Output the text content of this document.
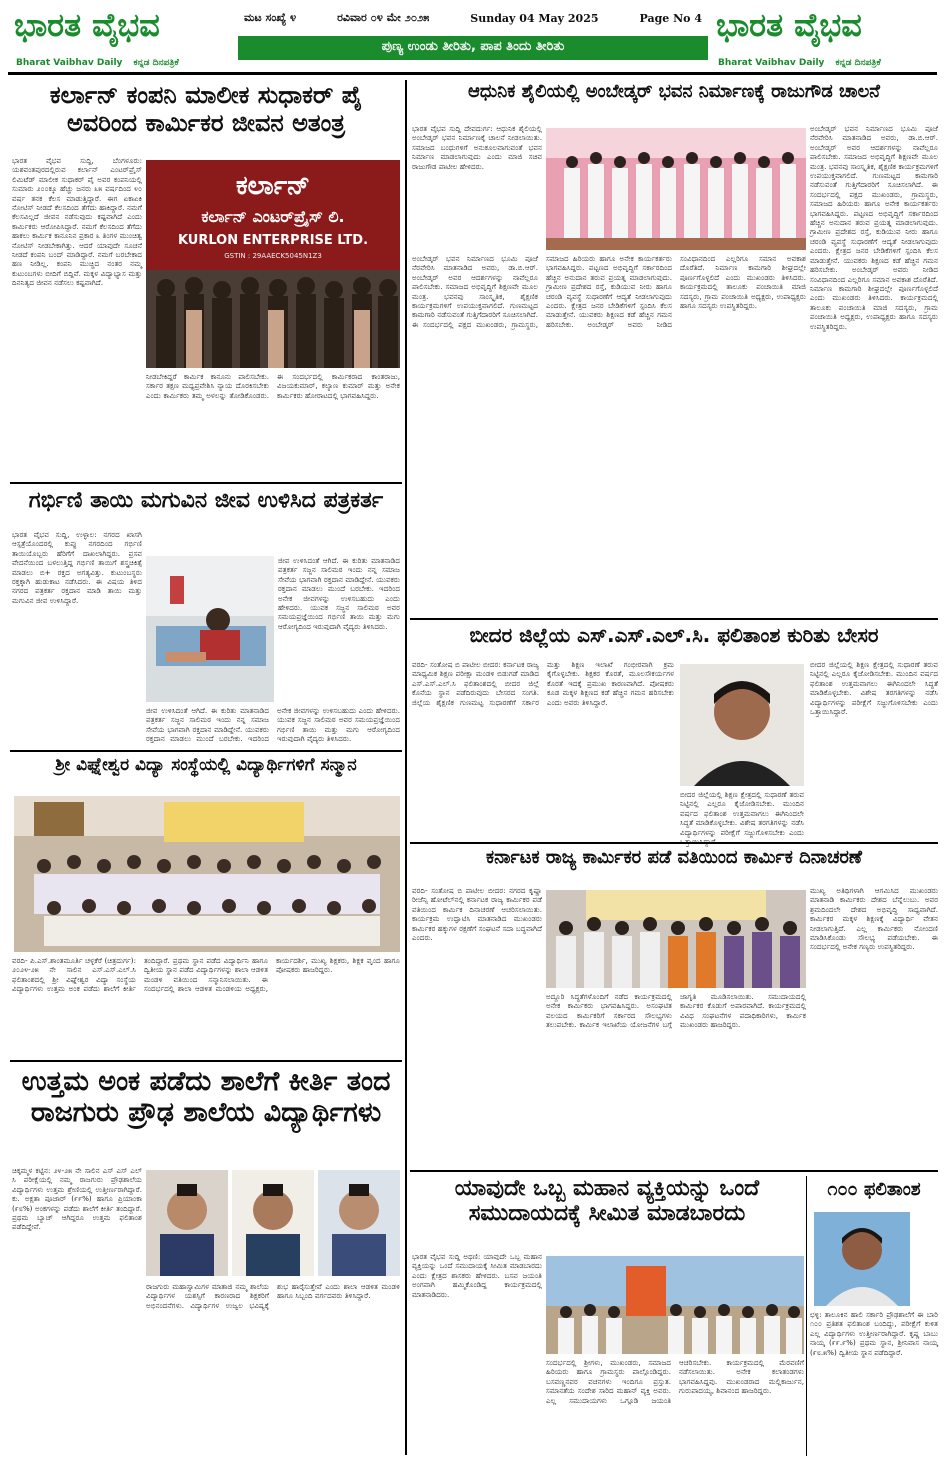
ಭಾರತ ವೈಭವ
Bharat Vaibhav Daily ಕನ್ನಡ ದಿನಪತ್ರಿಕೆ
ಮಟ ಸಂಖ್ಯೆ ೪	ರವಿವಾರ ೦೪ ಮೇ ೨೦೨೫	Sunday 04 May 2025	Page No 4
ಪುಣ್ಯ ಉಂಡು ತೀರಿತು, ಪಾಪ ತಿಂದು ತೀರಿತು
ಭಾರತ ವೈಭವ
Bharat Vaibhav Daily ಕನ್ನಡ ದಿನಪತ್ರಿಕೆ
ಕರ್ಲಾನ್ ಕಂಪನಿ ಮಾಲೀಕ ಸುಧಾಕರ್ ಪೈ ಅವರಿಂದ ಕಾರ್ಮಿಕರ ಜೀವನ ಅತಂತ್ರ
ಭಾರತ ವೈಭವ ಸುದ್ದಿ, ಬೆಂಗಳೂರು: ಯಶವಂತಪುರದಲ್ಲಿರುವ ಕರ್ಲಾನ್ ಎಂಟರ್‌ಪ್ರೈಸ್ ಲಿಮಿಟೆಡ್ ಮಾಲೀಕ ಸುಧಾಕರ್ ಪೈ ಅವರ ಕಂಪನಿಯಲ್ಲಿ ಸುಮಾರು ೨೦೦ಕ್ಕೂ ಹೆಚ್ಚು ಜನರು ೩೫ ವರ್ಷದಿಂದ ೪೦ ವರ್ಷ ತನಕ ಕೆಲಸ ಮಾಡುತ್ತಿದ್ದಾರೆ. ಈಗ ಏಕಾಏಕಿ ನೋಟಿಸ್ ನೀಡದೆ ಕೆಲಸದಿಂದ ತೆಗೆದು ಹಾಕಿದ್ದಾರೆ. ನಮಗೆ ಕೆಲಸವಿಲ್ಲದೆ ಜೀವನ ನಡೆಸುವುದು ಕಷ್ಟವಾಗಿದೆ ಎಂದು ಕಾರ್ಮಿಕರು ಆರೋಪಿಸಿದ್ದಾರೆ. ನಮಗೆ ಕೆಲಸದಿಂದ ತೆಗೆದು ಹಾಕಲು ಕಾರ್ಮಿಕ ಕಾನೂನಿನ ಪ್ರಕಾರ ೩ ತಿಂಗಳ ಮುಂಚಿತ್ವ ನೋಟಿಸ್ ನೀಡಬೇಕಾಗಿತ್ತು. ಆದರೆ ಯಾವುದೇ ಸೂಚನೆ ನೀಡದೆ ಕಂಪನಿ ಬಂದ್ ಮಾಡಿದ್ದಾರೆ. ನಮಗೆ ಬರಬೇಕಾದ ಹಣ ನೀಡಿಲ್ಲ. ಕಂಪನಿ ಮುಚ್ಚಿದ ನಂತರ ನಮ್ಮ ಕುಟುಂಬಗಳು ಬೀದಿಗೆ ಬಿದ್ದಿವೆ. ಮಕ್ಕಳ ವಿದ್ಯಾಭ್ಯಾಸ ಮತ್ತು ದಿನನಿತ್ಯದ ಜೀವನ ನಡೆಸಲು ಕಷ್ಟವಾಗಿದೆ.
ಕರ್ಲಾನ್
ಕರ್ಲಾನ್ ಎಂಟರ್‌ಪ್ರೈಸ್ ಲಿ.
KURLON ENTERPRISE LTD.
GSTIN : 29AAECK5045N1Z3
ನೀಡಬೇಕಿದ್ದರೆ ಕಾರ್ಮಿಕ ಕಾನೂನು ಪಾಲಿಸಬೇಕು. ಸರ್ಕಾರ ತಕ್ಷಣ ಮಧ್ಯಪ್ರವೇಶಿಸಿ ನ್ಯಾಯ ದೊರಕಿಸಬೇಕು ಎಂದು ಕಾರ್ಮಿಕರು ತಮ್ಮ ಅಳಲನ್ನು ತೋಡಿಕೊಂಡರು. ಈ ಸಂದರ್ಭದಲ್ಲಿ ಕಾರ್ಮಿಕರಾದ ಕಾಂತರಾಜು, ವಿಜಯಕುಮಾರ್, ಕಲ್ಯಾಣ ಕುಮಾರ್ ಮತ್ತು ಅನೇಕ ಕಾರ್ಮಿಕರು ಹೋರಾಟದಲ್ಲಿ ಭಾಗವಹಿಸಿದ್ದರು.
ಗರ್ಭಿಣಿ ತಾಯಿ ಮಗುವಿನ ಜೀವ ಉಳಿಸಿದ ಪತ್ರಕರ್ತ
ಭಾರತ ವೈಭವ ಸುದ್ದಿ, ಉಳ್ಳಾಲ: ನಗರದ ಖಾಸಗಿ ಆಸ್ಪತ್ರೆಯೊಂದರಲ್ಲಿ ಕುಪ್ಪು ನಗರದಿಂದ ಗರ್ಭಿಣಿ ತಾಯಿಯೊಬ್ಬರು ಹೆರಿಗೆಗೆ ದಾಖಲಾಗಿದ್ದರು. ಪ್ರಸವ ವೇದನೆಯಿಂದ ಬಳಲುತ್ತಿದ್ದ ಗರ್ಭಿಣಿ ತಾಯಿಗೆ ಶಸ್ತ್ರಚಿಕಿತ್ಸೆ ಮಾಡಲು ಬಿ+ ರಕ್ತದ ಅಗತ್ಯವಿತ್ತು. ಕುಟುಂಬಸ್ಥರು ರಕ್ತಕ್ಕಾಗಿ ಹುಡುಕಾಟ ನಡೆಸಿದರು. ಈ ವಿಷಯ ತಿಳಿದ ನಗರದ ಪತ್ರಕರ್ತ ರಕ್ತದಾನ ಮಾಡಿ ತಾಯಿ ಮತ್ತು ಮಗುವಿನ ಜೀವ ಉಳಿಸಿದ್ದಾರೆ.
ಜೀವ ಉಳಿಸಿದಂತೆ ಆಗಿದೆ. ಈ ಕುರಿತು ಮಾತನಾಡಿದ ಪತ್ರಕರ್ತ ಸಜ್ಜನ ಸಾಲಿಮಠ ಇಂದು ನನ್ನ ಸಮಾಜ ಸೇವೆಯ ಭಾಗವಾಗಿ ರಕ್ತದಾನ ಮಾಡಿದ್ದೇನೆ. ಯುವಕರು ರಕ್ತದಾನ ಮಾಡಲು ಮುಂದೆ ಬರಬೇಕು. ಇದರಿಂದ ಅನೇಕ ಜೀವಗಳನ್ನು ಉಳಿಸಬಹುದು ಎಂದು ಹೇಳಿದರು. ಯುವಕ ಸಜ್ಜನ ಸಾಲಿಮಠ ಅವರ ಸಮಯಪ್ರಜ್ಞೆಯಿಂದ ಗರ್ಭಿಣಿ ತಾಯಿ ಮತ್ತು ಮಗು ಆರೋಗ್ಯದಿಂದ ಇರುವುದಾಗಿ ವೈದ್ಯರು ತಿಳಿಸಿದರು.
ಜೀವ ಉಳಿಸಿದಂತೆ ಆಗಿದೆ. ಈ ಕುರಿತು ಮಾತನಾಡಿದ ಪತ್ರಕರ್ತ ಸಜ್ಜನ ಸಾಲಿಮಠ ಇಂದು ನನ್ನ ಸಮಾಜ ಸೇವೆಯ ಭಾಗವಾಗಿ ರಕ್ತದಾನ ಮಾಡಿದ್ದೇನೆ. ಯುವಕರು ರಕ್ತದಾನ ಮಾಡಲು ಮುಂದೆ ಬರಬೇಕು. ಇದರಿಂದ ಅನೇಕ ಜೀವಗಳನ್ನು ಉಳಿಸಬಹುದು ಎಂದು ಹೇಳಿದರು. ಯುವಕ ಸಜ್ಜನ ಸಾಲಿಮಠ ಅವರ ಸಮಯಪ್ರಜ್ಞೆಯಿಂದ ಗರ್ಭಿಣಿ ತಾಯಿ ಮತ್ತು ಮಗು ಆರೋಗ್ಯದಿಂದ ಇರುವುದಾಗಿ ವೈದ್ಯರು ತಿಳಿಸಿದರು.
ಶ್ರೀ ವಿಘ್ನೇಶ್ವರ ವಿದ್ಯಾ ಸಂಸ್ಥೆಯಲ್ಲಿ ವಿದ್ಯಾರ್ಥಿಗಳಿಗೆ ಸನ್ಮಾನ
ವರದಿ- ಪಿ.ಎಸ್.ಶಾಂತಮೂರ್ತಿ ಚಳ್ಳಕೆರೆ (ಚಿತ್ರದುರ್ಗ): ೨೦೨೪-೨೫ ನೇ ಸಾಲಿನ ಎಸ್.ಎಸ್.ಎಲ್.ಸಿ ಫಲಿತಾಂಶದಲ್ಲಿ ಶ್ರೀ ವಿಘ್ನೇಶ್ವರ ವಿದ್ಯಾ ಸಂಸ್ಥೆಯ ವಿದ್ಯಾರ್ಥಿಗಳು ಉತ್ತಮ ಅಂಕ ಪಡೆದು ಶಾಲೆಗೆ ಕೀರ್ತಿ ತಂದಿದ್ದಾರೆ. ಪ್ರಥಮ ಸ್ಥಾನ ಪಡೆದ ವಿದ್ಯಾರ್ಥಿನಿ ಹಾಗೂ ದ್ವಿತೀಯ ಸ್ಥಾನ ಪಡೆದ ವಿದ್ಯಾರ್ಥಿಗಳನ್ನು ಶಾಲಾ ಆಡಳಿತ ಮಂಡಳಿ ವತಿಯಿಂದ ಸನ್ಮಾನಿಸಲಾಯಿತು. ಈ ಸಂದರ್ಭದಲ್ಲಿ ಶಾಲಾ ಆಡಳಿತ ಮಂಡಳಿಯ ಅಧ್ಯಕ್ಷರು, ಕಾರ್ಯದರ್ಶಿ, ಮುಖ್ಯ ಶಿಕ್ಷಕರು, ಶಿಕ್ಷಕ ವೃಂದ ಹಾಗೂ ಪೋಷಕರು ಹಾಜರಿದ್ದರು.
ಉತ್ತಮ ಅಂಕ ಪಡೆದು ಶಾಲೆಗೆ ಕೀರ್ತಿ ತಂದ ರಾಜಗುರು ಪ್ರೌಢ ಶಾಲೆಯ ವಿದ್ಯಾರ್ಥಿಗಳು
ಚಿಕ್ಕಮ್ಮಳ ಕಟ್ಟಿನ: ೨೪-೨೫ ನೇ ಸಾಲಿನ ಎಸ್ ಎಸ್ ಎಲ್ ಸಿ ಪರೀಕ್ಷೆಯಲ್ಲಿ ನಮ್ಮ ರಾಜಗುರು ಪ್ರೌಢಶಾಲೆಯ ವಿದ್ಯಾರ್ಥಿಗಳು ಉತ್ತಮ ಶ್ರೇಣಿಯಲ್ಲಿ ಉತ್ತೀರ್ಣರಾಗಿದ್ದಾರೆ. ಕು. ಅಕ್ಷತಾ ಪೂಜಾರ್ (೯೯%) ಹಾಗೂ ಪ್ರಿಯಾಂಕಾ (೯೮%) ಅಂಕಗಳನ್ನು ಪಡೆದು ಶಾಲೆಗೆ ಕೀರ್ತಿ ತಂದಿದ್ದಾರೆ. ಪ್ರಥಮ ಬ್ಯಾಚ್ ಆಗಿದ್ದರೂ ಉತ್ತಮ ಫಲಿತಾಂಶ ಪಡೆದಿದ್ದೇವೆ.
ರಾಜಗುರು ಮಹಾಸ್ವಾಮಿಗಳ ಮಾತಾಜಿ ನಮ್ಮ ಶಾಲೆಯ ವಿದ್ಯಾರ್ಥಿಗಳ ಯಶಸ್ಸಿಗೆ ಕಾರಣರಾದ ಶಿಕ್ಷಕರಿಗೆ ಅಭಿನಂದನೆಗಳು. ವಿದ್ಯಾರ್ಥಿಗಳ ಉಜ್ವಲ ಭವಿಷ್ಯಕ್ಕೆ ಶುಭ ಹಾರೈಸುತ್ತೇವೆ ಎಂದು ಶಾಲಾ ಆಡಳಿತ ಮಂಡಳಿ ಹಾಗೂ ಸಿಬ್ಬಂದಿ ವರ್ಗದವರು ತಿಳಿಸಿದ್ದಾರೆ.
ಆಧುನಿಕ ಶೈಲಿಯಲ್ಲಿ ಅಂಬೇಡ್ಕರ್ ಭವನ ನಿರ್ಮಾಣಕ್ಕೆ ರಾಜುಗೌಡ ಚಾಲನೆ
ಭಾರತ ವೈಭವ ಸುದ್ದಿ ದೇವದುರ್ಗ: ಆಧುನಿಕ ಶೈಲಿಯಲ್ಲಿ ಅಂಬೇಡ್ಕರ್ ಭವನ ನಿರ್ಮಾಣಕ್ಕೆ ಚಾಲನೆ ನೀಡಲಾಯಿತು. ಸಮಾಜದ ಬಂಧುಗಳಿಗೆ ಅನುಕೂಲವಾಗುವಂತೆ ಭವನ ನಿರ್ಮಾಣ ಮಾಡಲಾಗುವುದು ಎಂದು ಮಾಜಿ ಸಚಿವ ರಾಜುಗೌಡ ಪಾಟೀಲ ಹೇಳಿದರು.
ಅಂಬೇಡ್ಕರ್ ಭವನ ನಿರ್ಮಾಣದ ಭೂಮಿ ಪೂಜೆ ನೆರವೇರಿಸಿ ಮಾತನಾಡಿದ ಅವರು, ಡಾ.ಬಿ.ಆರ್. ಅಂಬೇಡ್ಕರ್ ಅವರ ಆದರ್ಶಗಳನ್ನು ನಾವೆಲ್ಲರೂ ಪಾಲಿಸಬೇಕು. ಸಮಾಜದ ಅಭಿವೃದ್ಧಿಗೆ ಶಿಕ್ಷಣವೇ ಮೂಲ ಮಂತ್ರ. ಭವನವು ಸಾಂಸ್ಕೃತಿಕ, ಶೈಕ್ಷಣಿಕ ಕಾರ್ಯಕ್ರಮಗಳಿಗೆ ಉಪಯುಕ್ತವಾಗಲಿದೆ. ಗುಣಮಟ್ಟದ ಕಾಮಗಾರಿ ನಡೆಸುವಂತೆ ಗುತ್ತಿಗೆದಾರರಿಗೆ ಸೂಚಿಸಲಾಗಿದೆ. ಈ ಸಂದರ್ಭದಲ್ಲಿ ಪಕ್ಷದ ಮುಖಂಡರು, ಗ್ರಾಮಸ್ಥರು, ಸಮಾಜದ ಹಿರಿಯರು ಹಾಗೂ ಅನೇಕ ಕಾರ್ಯಕರ್ತರು ಭಾಗವಹಿಸಿದ್ದರು. ಪಟ್ಟಣದ ಅಭಿವೃದ್ಧಿಗೆ ಸರ್ಕಾರದಿಂದ ಹೆಚ್ಚಿನ ಅನುದಾನ ತರುವ ಪ್ರಯತ್ನ ಮಾಡಲಾಗುವುದು. ಗ್ರಾಮೀಣ ಪ್ರದೇಶದ ರಸ್ತೆ, ಕುಡಿಯುವ ನೀರು ಹಾಗೂ ಚರಂಡಿ ವ್ಯವಸ್ಥೆ ಸುಧಾರಣೆಗೆ ಆದ್ಯತೆ ನೀಡಲಾಗುವುದು ಎಂದರು. ಕ್ಷೇತ್ರದ ಜನರ ಬೇಡಿಕೆಗಳಿಗೆ ಸ್ಪಂದಿಸಿ ಕೆಲಸ ಮಾಡುತ್ತೇನೆ. ಯುವಕರು ಶಿಕ್ಷಣದ ಕಡೆ ಹೆಚ್ಚಿನ ಗಮನ ಹರಿಸಬೇಕು. ಅಂಬೇಡ್ಕರ್ ಅವರು ನೀಡಿದ ಸಂವಿಧಾನದಿಂದ ಎಲ್ಲರಿಗೂ ಸಮಾನ ಅವಕಾಶ ದೊರೆತಿದೆ. ನಿರ್ಮಾಣ ಕಾಮಗಾರಿ ಶೀಘ್ರದಲ್ಲೇ ಪೂರ್ಣಗೊಳ್ಳಲಿದೆ ಎಂದು ಮುಖಂಡರು ತಿಳಿಸಿದರು. ಕಾರ್ಯಕ್ರಮದಲ್ಲಿ ತಾಲೂಕು ಪಂಚಾಯಿತಿ ಮಾಜಿ ಸದಸ್ಯರು, ಗ್ರಾಮ ಪಂಚಾಯಿತಿ ಅಧ್ಯಕ್ಷರು, ಉಪಾಧ್ಯಕ್ಷರು ಹಾಗೂ ಸದಸ್ಯರು ಉಪಸ್ಥಿತರಿದ್ದರು.
ಅಂಬೇಡ್ಕರ್ ಭವನ ನಿರ್ಮಾಣದ ಭೂಮಿ ಪೂಜೆ ನೆರವೇರಿಸಿ ಮಾತನಾಡಿದ ಅವರು, ಡಾ.ಬಿ.ಆರ್. ಅಂಬೇಡ್ಕರ್ ಅವರ ಆದರ್ಶಗಳನ್ನು ನಾವೆಲ್ಲರೂ ಪಾಲಿಸಬೇಕು. ಸಮಾಜದ ಅಭಿವೃದ್ಧಿಗೆ ಶಿಕ್ಷಣವೇ ಮೂಲ ಮಂತ್ರ. ಭವನವು ಸಾಂಸ್ಕೃತಿಕ, ಶೈಕ್ಷಣಿಕ ಕಾರ್ಯಕ್ರಮಗಳಿಗೆ ಉಪಯುಕ್ತವಾಗಲಿದೆ. ಗುಣಮಟ್ಟದ ಕಾಮಗಾರಿ ನಡೆಸುವಂತೆ ಗುತ್ತಿಗೆದಾರರಿಗೆ ಸೂಚಿಸಲಾಗಿದೆ. ಈ ಸಂದರ್ಭದಲ್ಲಿ ಪಕ್ಷದ ಮುಖಂಡರು, ಗ್ರಾಮಸ್ಥರು, ಸಮಾಜದ ಹಿರಿಯರು ಹಾಗೂ ಅನೇಕ ಕಾರ್ಯಕರ್ತರು ಭಾಗವಹಿಸಿದ್ದರು. ಪಟ್ಟಣದ ಅಭಿವೃದ್ಧಿಗೆ ಸರ್ಕಾರದಿಂದ ಹೆಚ್ಚಿನ ಅನುದಾನ ತರುವ ಪ್ರಯತ್ನ ಮಾಡಲಾಗುವುದು. ಗ್ರಾಮೀಣ ಪ್ರದೇಶದ ರಸ್ತೆ, ಕುಡಿಯುವ ನೀರು ಹಾಗೂ ಚರಂಡಿ ವ್ಯವಸ್ಥೆ ಸುಧಾರಣೆಗೆ ಆದ್ಯತೆ ನೀಡಲಾಗುವುದು ಎಂದರು. ಕ್ಷೇತ್ರದ ಜನರ ಬೇಡಿಕೆಗಳಿಗೆ ಸ್ಪಂದಿಸಿ ಕೆಲಸ ಮಾಡುತ್ತೇನೆ. ಯುವಕರು ಶಿಕ್ಷಣದ ಕಡೆ ಹೆಚ್ಚಿನ ಗಮನ ಹರಿಸಬೇಕು. ಅಂಬೇಡ್ಕರ್ ಅವರು ನೀಡಿದ ಸಂವಿಧಾನದಿಂದ ಎಲ್ಲರಿಗೂ ಸಮಾನ ಅವಕಾಶ ದೊರೆತಿದೆ. ನಿರ್ಮಾಣ ಕಾಮಗಾರಿ ಶೀಘ್ರದಲ್ಲೇ ಪೂರ್ಣಗೊಳ್ಳಲಿದೆ ಎಂದು ಮುಖಂಡರು ತಿಳಿಸಿದರು. ಕಾರ್ಯಕ್ರಮದಲ್ಲಿ ತಾಲೂಕು ಪಂಚಾಯಿತಿ ಮಾಜಿ ಸದಸ್ಯರು, ಗ್ರಾಮ ಪಂಚಾಯಿತಿ ಅಧ್ಯಕ್ಷರು, ಉಪಾಧ್ಯಕ್ಷರು ಹಾಗೂ ಸದಸ್ಯರು ಉಪಸ್ಥಿತರಿದ್ದರು.
ಬೀದರ ಜಿಲ್ಲೆಯ ಎಸ್.ಎಸ್.ಎಲ್.ಸಿ. ಫಲಿತಾಂಶ ಕುರಿತು ಬೇಸರ
ವರದಿ- ಸಂತೋಷ ಬಿ ಪಾಟೀಲ ಬೀದರ: ಕರ್ನಾಟಕ ರಾಜ್ಯ ಮಾಧ್ಯಮಿಕ ಶಿಕ್ಷಣ ಪರೀಕ್ಷಾ ಮಂಡಳಿ ಬಿಡುಗಡೆ ಮಾಡಿದ ಎಸ್.ಎಸ್.ಎಲ್.ಸಿ ಫಲಿತಾಂಶದಲ್ಲಿ ಬೀದರ ಜಿಲ್ಲೆ ಕೊನೆಯ ಸ್ಥಾನ ಪಡೆದಿರುವುದು ಬೇಸರದ ಸಂಗತಿ. ಜಿಲ್ಲೆಯ ಶೈಕ್ಷಣಿಕ ಗುಣಮಟ್ಟ ಸುಧಾರಣೆಗೆ ಸರ್ಕಾರ ಮತ್ತು ಶಿಕ್ಷಣ ಇಲಾಖೆ ಗಂಭೀರವಾಗಿ ಕ್ರಮ ಕೈಗೊಳ್ಳಬೇಕು. ಶಿಕ್ಷಕರ ಕೊರತೆ, ಮೂಲಸೌಕರ್ಯಗಳ ಕೊರತೆ ಇದಕ್ಕೆ ಪ್ರಮುಖ ಕಾರಣವಾಗಿದೆ. ಪೋಷಕರು ಕೂಡ ಮಕ್ಕಳ ಶಿಕ್ಷಣದ ಕಡೆ ಹೆಚ್ಚಿನ ಗಮನ ಹರಿಸಬೇಕು ಎಂದು ಅವರು ತಿಳಿಸಿದ್ದಾರೆ.
ಬೀದರ ಜಿಲ್ಲೆಯಲ್ಲಿ ಶಿಕ್ಷಣ ಕ್ಷೇತ್ರದಲ್ಲಿ ಸುಧಾರಣೆ ತರುವ ನಿಟ್ಟಿನಲ್ಲಿ ಎಲ್ಲರೂ ಕೈಜೋಡಿಸಬೇಕು. ಮುಂದಿನ ವರ್ಷದ ಫಲಿತಾಂಶ ಉತ್ತಮವಾಗಲು ಈಗಿನಿಂದಲೇ ಸಿದ್ಧತೆ ಮಾಡಿಕೊಳ್ಳಬೇಕು. ವಿಶೇಷ ತರಗತಿಗಳನ್ನು ನಡೆಸಿ ವಿದ್ಯಾರ್ಥಿಗಳನ್ನು ಪರೀಕ್ಷೆಗೆ ಸಜ್ಜುಗೊಳಿಸಬೇಕು ಎಂದು
ಬೀದರ ಜಿಲ್ಲೆಯಲ್ಲಿ ಶಿಕ್ಷಣ ಕ್ಷೇತ್ರದಲ್ಲಿ ಸುಧಾರಣೆ ತರುವ ನಿಟ್ಟಿನಲ್ಲಿ ಎಲ್ಲರೂ ಕೈಜೋಡಿಸಬೇಕು. ಮುಂದಿನ ವರ್ಷದ ಫಲಿತಾಂಶ ಉತ್ತಮವಾಗಲು ಈಗಿನಿಂದಲೇ ಸಿದ್ಧತೆ ಮಾಡಿಕೊಳ್ಳಬೇಕು. ವಿಶೇಷ ತರಗತಿಗಳನ್ನು ನಡೆಸಿ ವಿದ್ಯಾರ್ಥಿಗಳನ್ನು ಪರೀಕ್ಷೆಗೆ ಸಜ್ಜುಗೊಳಿಸಬೇಕು ಎಂದು ಒತ್ತಾಯಿಸಿದ್ದಾರೆ.
ಕರ್ನಾಟಕ ರಾಜ್ಯ ಕಾರ್ಮಿಕರ ಪಡೆ ವತಿಯಿಂದ ಕಾರ್ಮಿಕ ದಿನಾಚರಣೆ
ವರದಿ- ಸಂತೋಷ ಬಿ ಪಾಟೀಲ ಬೀದರ: ನಗರದ ಕೃಷ್ಣಾ ರೀಜೆನ್ಸಿ ಹೋಟೆಲ್‌ನಲ್ಲಿ ಕರ್ನಾಟಕ ರಾಜ್ಯ ಕಾರ್ಮಿಕರ ಪಡೆ ವತಿಯಿಂದ ಕಾರ್ಮಿಕ ದಿನಾಚರಣೆ ಆಚರಿಸಲಾಯಿತು. ಕಾರ್ಯಕ್ರಮ ಉದ್ಘಾಟಿಸಿ ಮಾತನಾಡಿದ ಮುಖಂಡರು ಕಾರ್ಮಿಕರ ಹಕ್ಕುಗಳ ರಕ್ಷಣೆಗೆ ಸಂಘಟನೆ ಸದಾ ಬದ್ಧವಾಗಿದೆ ಎಂದರು.
ಅದ್ದೂರಿ ಸಿದ್ಧತೆಗಳೊಂದಿಗೆ ನಡೆದ ಕಾರ್ಯಕ್ರಮದಲ್ಲಿ ಅನೇಕ ಕಾರ್ಮಿಕರು ಭಾಗವಹಿಸಿದ್ದರು. ಅಸಂಘಟಿತ ವಲಯದ ಕಾರ್ಮಿಕರಿಗೆ ಸರ್ಕಾರದ ಸೌಲಭ್ಯಗಳು ತಲುಪಬೇಕು. ಕಾರ್ಮಿಕ ಇಲಾಖೆಯ ಯೋಜನೆಗಳ ಬಗ್ಗೆ ಜಾಗೃತಿ ಮೂಡಿಸಲಾಯಿತು. ಸಮುದಾಯದಲ್ಲಿ ಕಾರ್ಮಿಕರ ಕೊಡುಗೆ ಅಪಾರವಾಗಿದೆ. ಕಾರ್ಯಕ್ರಮದಲ್ಲಿ ವಿವಿಧ ಸಂಘಟನೆಗಳ ಪದಾಧಿಕಾರಿಗಳು, ಕಾರ್ಮಿಕ ಮುಖಂಡರು ಹಾಜರಿದ್ದರು.
ಮುಖ್ಯ ಅತಿಥಿಗಳಾಗಿ ಆಗಮಿಸಿದ ಮುಖಂಡರು ಮಾತನಾಡಿ ಕಾರ್ಮಿಕರು ದೇಶದ ಬೆನ್ನೆಲುಬು. ಅವರ ಶ್ರಮದಿಂದಲೇ ದೇಶದ ಅಭಿವೃದ್ಧಿ ಸಾಧ್ಯವಾಗಿದೆ. ಕಾರ್ಮಿಕರ ಮಕ್ಕಳ ಶಿಕ್ಷಣಕ್ಕೆ ವಿದ್ಯಾರ್ಥಿ ವೇತನ ನೀಡಲಾಗುತ್ತಿದೆ. ಎಲ್ಲ ಕಾರ್ಮಿಕರು ನೋಂದಣಿ ಮಾಡಿಸಿಕೊಂಡು ಸೌಲಭ್ಯ ಪಡೆಯಬೇಕು. ಈ ಸಂದರ್ಭದಲ್ಲಿ ಅನೇಕ ಗಣ್ಯರು ಉಪಸ್ಥಿತರಿದ್ದರು.
ಯಾವುದೇ ಒಬ್ಬ ಮಹಾನ ವ್ಯಕ್ತಿಯನ್ನು ಒಂದೆ ಸಮುದಾಯದಕ್ಕೆ ಸೀಮಿತ ಮಾಡಬಾರದು
ಭಾರತ ವೈಭವ ಸುದ್ದಿ ಅಥಣಿ: ಯಾವುದೇ ಒಬ್ಬ ಮಹಾನ ವ್ಯಕ್ತಿಯನ್ನು ಒಂದೆ ಸಮುದಾಯಕ್ಕೆ ಸೀಮಿತ ಮಾಡಬಾರದು ಎಂದು ಕ್ಷೇತ್ರದ ಶಾಸಕರು ಹೇಳಿದರು. ಬಸವ ಜಯಂತಿ ಅಂಗವಾಗಿ ಹಮ್ಮಿಕೊಂಡಿದ್ದ ಕಾರ್ಯಕ್ರಮದಲ್ಲಿ ಮಾತನಾಡಿದರು.
ಸಂದರ್ಭದಲ್ಲಿ ಶ್ರೀಗಳು, ಮುಖಂಡರು, ಸಮಾಜದ ಹಿರಿಯರು ಹಾಗೂ ಗ್ರಾಮಸ್ಥರು ಪಾಲ್ಗೊಂಡಿದ್ದರು. ಬಸವಣ್ಣನವರ ವಚನಗಳು ಇಂದಿಗೂ ಪ್ರಸ್ತುತ. ಸಮಾನತೆಯ ಸಂದೇಶ ಸಾರಿದ ಮಹಾನ್ ವ್ಯಕ್ತಿ ಅವರು. ಎಲ್ಲ ಸಮುದಾಯಗಳು ಒಗ್ಗೂಡಿ ಜಯಂತಿ ಆಚರಿಸಬೇಕು. ಕಾರ್ಯಕ್ರಮದಲ್ಲಿ ಮೆರವಣಿಗೆ ನಡೆಸಲಾಯಿತು. ಅನೇಕ ಕಲಾತಂಡಗಳು ಭಾಗವಹಿಸಿದ್ದವು. ಮುಖಂಡರಾದ ಮಲ್ಲಿಕಾರ್ಜುನ, ಗುರುಪಾದಯ್ಯ, ಶಿವಾನಂದ ಹಾಜರಿದ್ದರು.
೧೦೦ ಫಲಿತಾಂಶ
ಛಳ್ಳಿ: ತಾಲೂಕಿನ ಹಾಲಿ ಸರ್ಕಾರಿ ಪ್ರೌಢಶಾಲೆಗೆ ಈ ಬಾರಿ ೧೦೦ ಪ್ರತಿಶತ ಫಲಿತಾಂಶ ಬಂದಿದ್ದು, ಪರೀಕ್ಷೆಗೆ ಕುಳಿತ ಎಲ್ಲ ವಿದ್ಯಾರ್ಥಿಗಳು ಉತ್ತೀರ್ಣರಾಗಿದ್ದಾರೆ. ಕೃಷ್ಣ ಬಾಬು ನಾಯ್ಕ (೯೯.೯%) ಪ್ರಥಮ ಸ್ಥಾನ, ಶ್ರೀನಿವಾಸ ನಾಯ್ಕ (೯೮.೫%) ದ್ವಿತೀಯ ಸ್ಥಾನ ಪಡೆದಿದ್ದಾರೆ.
